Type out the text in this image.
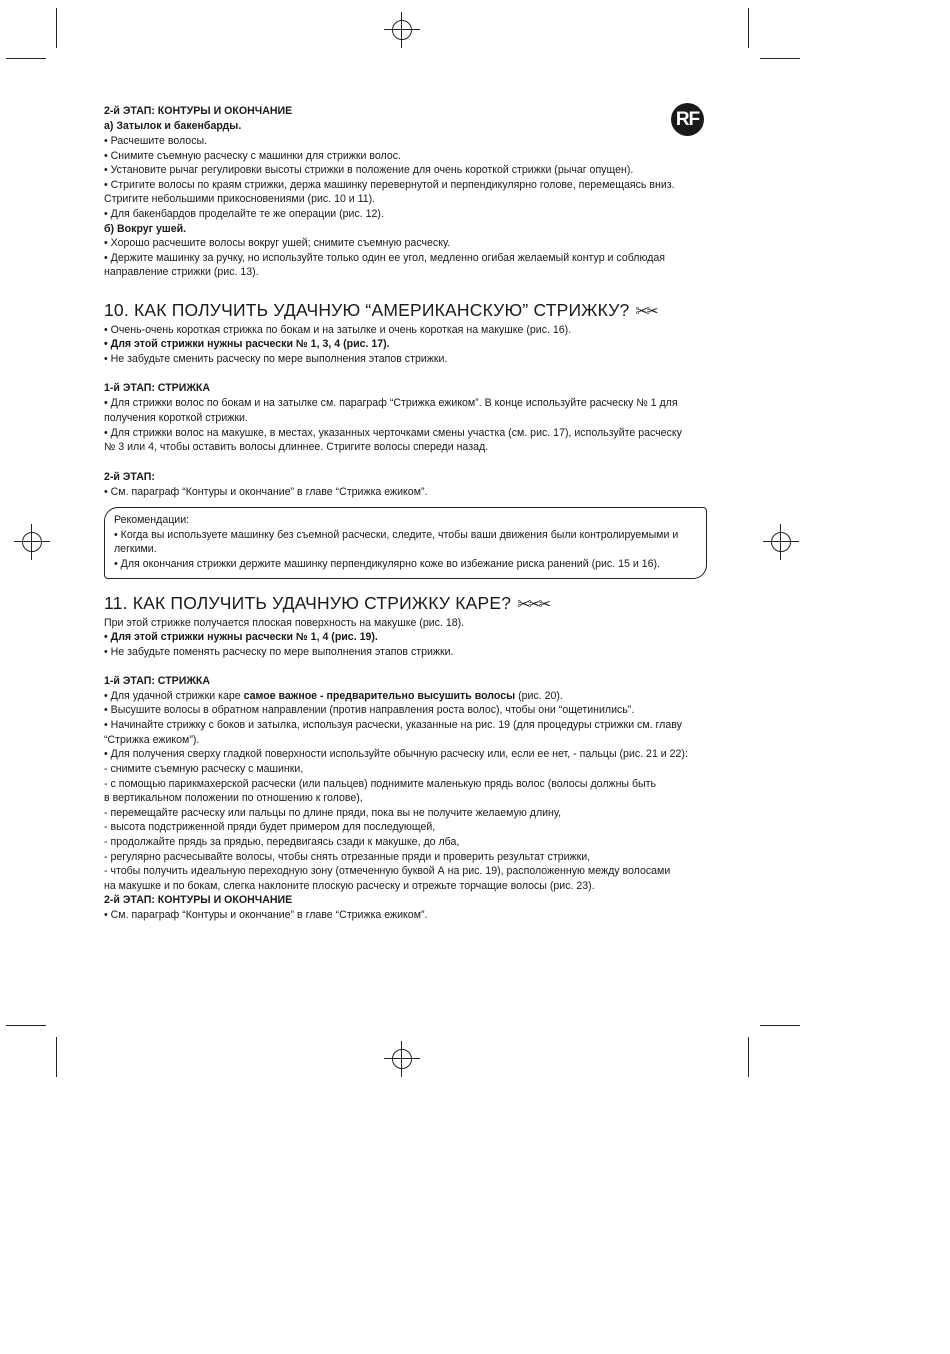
RF
2-й ЭТАП: КОНТУРЫ И ОКОНЧАНИЕ
а) Затылок и бакенбарды.
• Расчешите волосы.
• Снимите съемную расческу с машинки для стрижки волос.
• Установите рычаг регулировки высоты стрижки в положение для очень короткой стрижки (рычаг опущен).
• Стригите волосы по краям стрижки, держа машинку перевернутой и перпендикулярно голове, перемещаясь вниз.
Стригите небольшими прикосновениями (рис. 10 и 11).
• Для бакенбардов проделайте те же операции (рис. 12).
б) Вокруг ушей.
• Хорошо расчешите волосы вокруг ушей; снимите съемную расческу.
• Держите машинку за ручку, но используйте только один ее угол, медленно огибая желаемый контур и соблюдая
направление стрижки (рис. 13).
10. КАК ПОЛУЧИТЬ УДАЧНУЮ “АМЕРИКАНСКУЮ” СТРИЖКУ? ✂✂
• Очень-очень короткая стрижка по бокам и на затылке и очень короткая на макушке (рис. 16).
• Для этой стрижки нужны расчески № 1, 3, 4 (рис. 17).
• Не забудьте сменить расческу по мере выполнения этапов стрижки.
1-й ЭТАП: СТРИЖКА
• Для стрижки волос по бокам и на затылке см. параграф “Стрижка ежиком”. В конце используйте расческу № 1 для
получения короткой стрижки.
• Для стрижки волос на макушке, в местах, указанных черточками смены участка (см. рис. 17), используйте расческу
№ 3 или 4, чтобы оставить волосы длиннее. Стригите волосы спереди назад.
2-й ЭТАП:
• См. параграф “Контуры и окончание” в главе “Стрижка ежиком”.
Рекомендации:
• Когда вы используете машинку без съемной расчески, следите, чтобы ваши движения были контролируемыми и
легкими.
• Для окончания стрижки держите машинку перпендикулярно коже во избежание риска ранений (рис. 15 и 16).
11. КАК ПОЛУЧИТЬ УДАЧНУЮ СТРИЖКУ КАРЕ? ✂✂✂
При этой стрижке получается плоская поверхность на макушке (рис. 18).
• Для этой стрижки нужны расчески № 1, 4 (рис. 19).
• Не забудьте поменять расческу по мере выполнения этапов стрижки.
1-й ЭТАП: СТРИЖКА
• Для удачной стрижки каре самое важное - предварительно высушить волосы (рис. 20).
• Высушите волосы в обратном направлении (против направления роста волос), чтобы они “ощетинились”.
• Начинайте стрижку с боков и затылка, используя расчески, указанные на рис. 19 (для процедуры стрижки см. главу
“Стрижка ежиком”).
• Для получения сверху гладкой поверхности используйте обычную расческу или, если ее нет, - пальцы (рис. 21 и 22):
- снимите съемную расческу с машинки,
- с помощью парикмахерской расчески (или пальцев) поднимите маленькую прядь волос (волосы должны быть
в вертикальном положении по отношению к голове),
- перемещайте расческу или пальцы по длине пряди, пока вы не получите желаемую длину,
- высота подстриженной пряди будет примером для последующей,
- продолжайте прядь за прядью, передвигаясь сзади к макушке, до лба,
- регулярно расчесывайте волосы, чтобы снять отрезанные пряди и проверить результат стрижки,
- чтобы получить идеальную переходную зону (отмеченную буквой А на рис. 19), расположенную между волосами
на макушке и по бокам, слегка наклоните плоскую расческу и отрежьте торчащие волосы (рис. 23).
2-й ЭТАП: КОНТУРЫ И ОКОНЧАНИЕ
• См. параграф “Контуры и окончание” в главе “Стрижка ежиком”.
